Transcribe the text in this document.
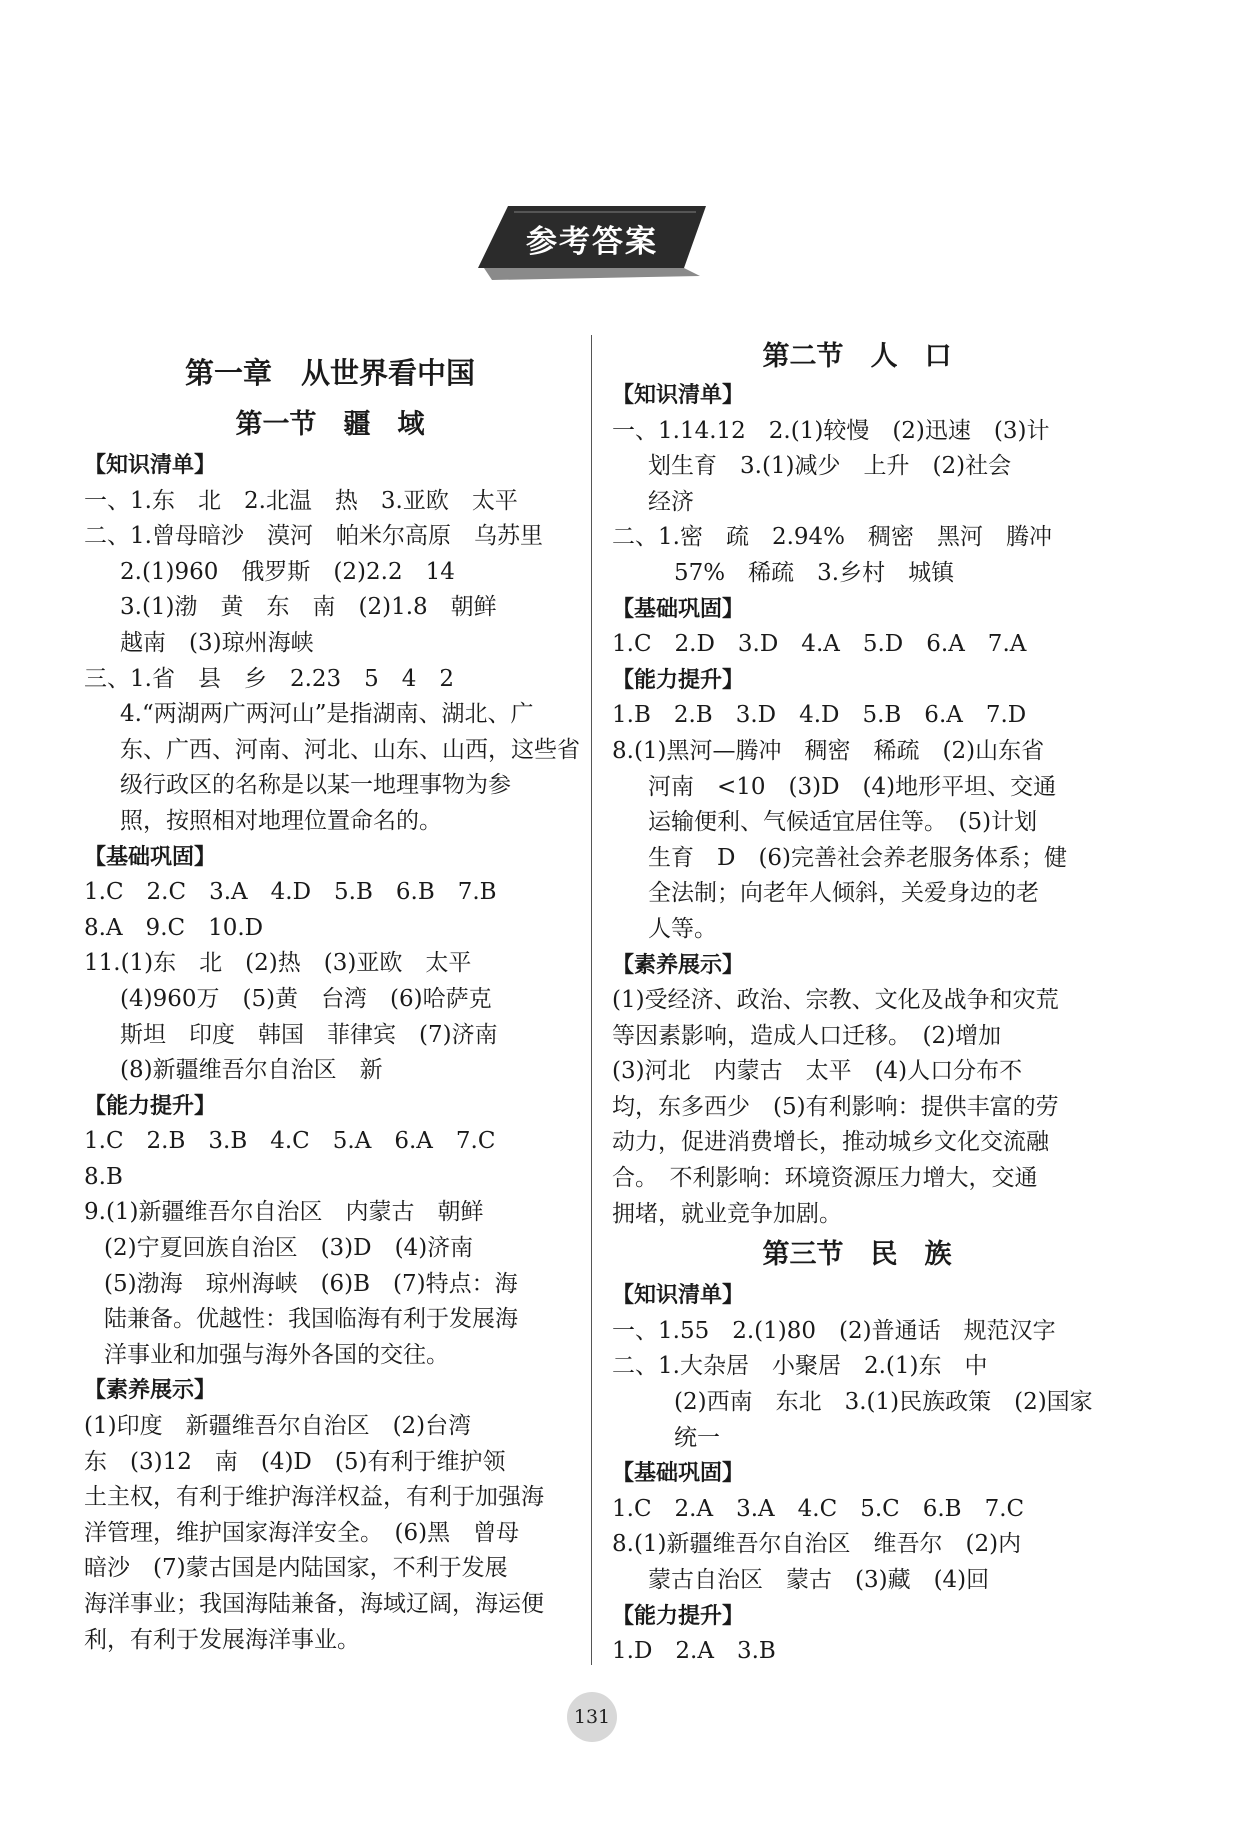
参考答案
第一章　从世界看中国
第一节　疆　域
【知识清单】
一、1.东　北　2.北温　热　3.亚欧　太平
二、1.曾母暗沙　漠河　帕米尔高原　乌苏里
2.(1)960　俄罗斯　(2)2.2　14
3.(1)渤　黄　东　南　(2)1.8　朝鲜
越南　(3)琼州海峡
三、1.省　县　乡　2.23　5　4　2
4.“两湖两广两河山”是指湖南、湖北、广
东、广西、河南、河北、山东、山西，这些省
级行政区的名称是以某一地理事物为参
照，按照相对地理位置命名的。
【基础巩固】
1.C　2.C　3.A　4.D　5.B　6.B　7.B
8.A　9.C　10.D
11.(1)东　北　(2)热　(3)亚欧　太平
(4)960万　(5)黄　台湾　(6)哈萨克
斯坦　印度　韩国　菲律宾　(7)济南
(8)新疆维吾尔自治区　新
【能力提升】
1.C　2.B　3.B　4.C　5.A　6.A　7.C
8.B
9.(1)新疆维吾尔自治区　内蒙古　朝鲜
(2)宁夏回族自治区　(3)D　(4)济南
(5)渤海　琼州海峡　(6)B　(7)特点：海
陆兼备。优越性：我国临海有利于发展海
洋事业和加强与海外各国的交往。
【素养展示】
(1)印度　新疆维吾尔自治区　(2)台湾
东　(3)12　南　(4)D　(5)有利于维护领
土主权，有利于维护海洋权益，有利于加强海
洋管理，维护国家海洋安全。　(6)黑　曾母
暗沙　(7)蒙古国是内陆国家，不利于发展
海洋事业；我国海陆兼备，海域辽阔，海运便
利，有利于发展海洋事业。
第二节　人　口
【知识清单】
一、1.14.12　2.(1)较慢　(2)迅速　(3)计
划生育　3.(1)减少　上升　(2)社会
经济
二、1.密　疏　2.94%　稠密　黑河　腾冲
57%　稀疏　3.乡村　城镇
【基础巩固】
1.C　2.D　3.D　4.A　5.D　6.A　7.A
【能力提升】
1.B　2.B　3.D　4.D　5.B　6.A　7.D
8.(1)黑河—腾冲　稠密　稀疏　(2)山东省
河南　<10　(3)D　(4)地形平坦、交通
运输便利、气候适宜居住等。　(5)计划
生育　D　(6)完善社会养老服务体系；健
全法制；向老年人倾斜，关爱身边的老
人等。
【素养展示】
(1)受经济、政治、宗教、文化及战争和灾荒
等因素影响，造成人口迁移。　(2)增加
(3)河北　内蒙古　太平　(4)人口分布不
均，东多西少　(5)有利影响：提供丰富的劳
动力，促进消费增长，推动城乡文化交流融
合。　不利影响：环境资源压力增大，交通
拥堵，就业竞争加剧。
第三节　民　族
【知识清单】
一、1.55　2.(1)80　(2)普通话　规范汉字
二、1.大杂居　小聚居　2.(1)东　中
(2)西南　东北　3.(1)民族政策　(2)国家
统一
【基础巩固】
1.C　2.A　3.A　4.C　5.C　6.B　7.C
8.(1)新疆维吾尔自治区　维吾尔　(2)内
蒙古自治区　蒙古　(3)藏　(4)回
【能力提升】
1.D　2.A　3.B
131
